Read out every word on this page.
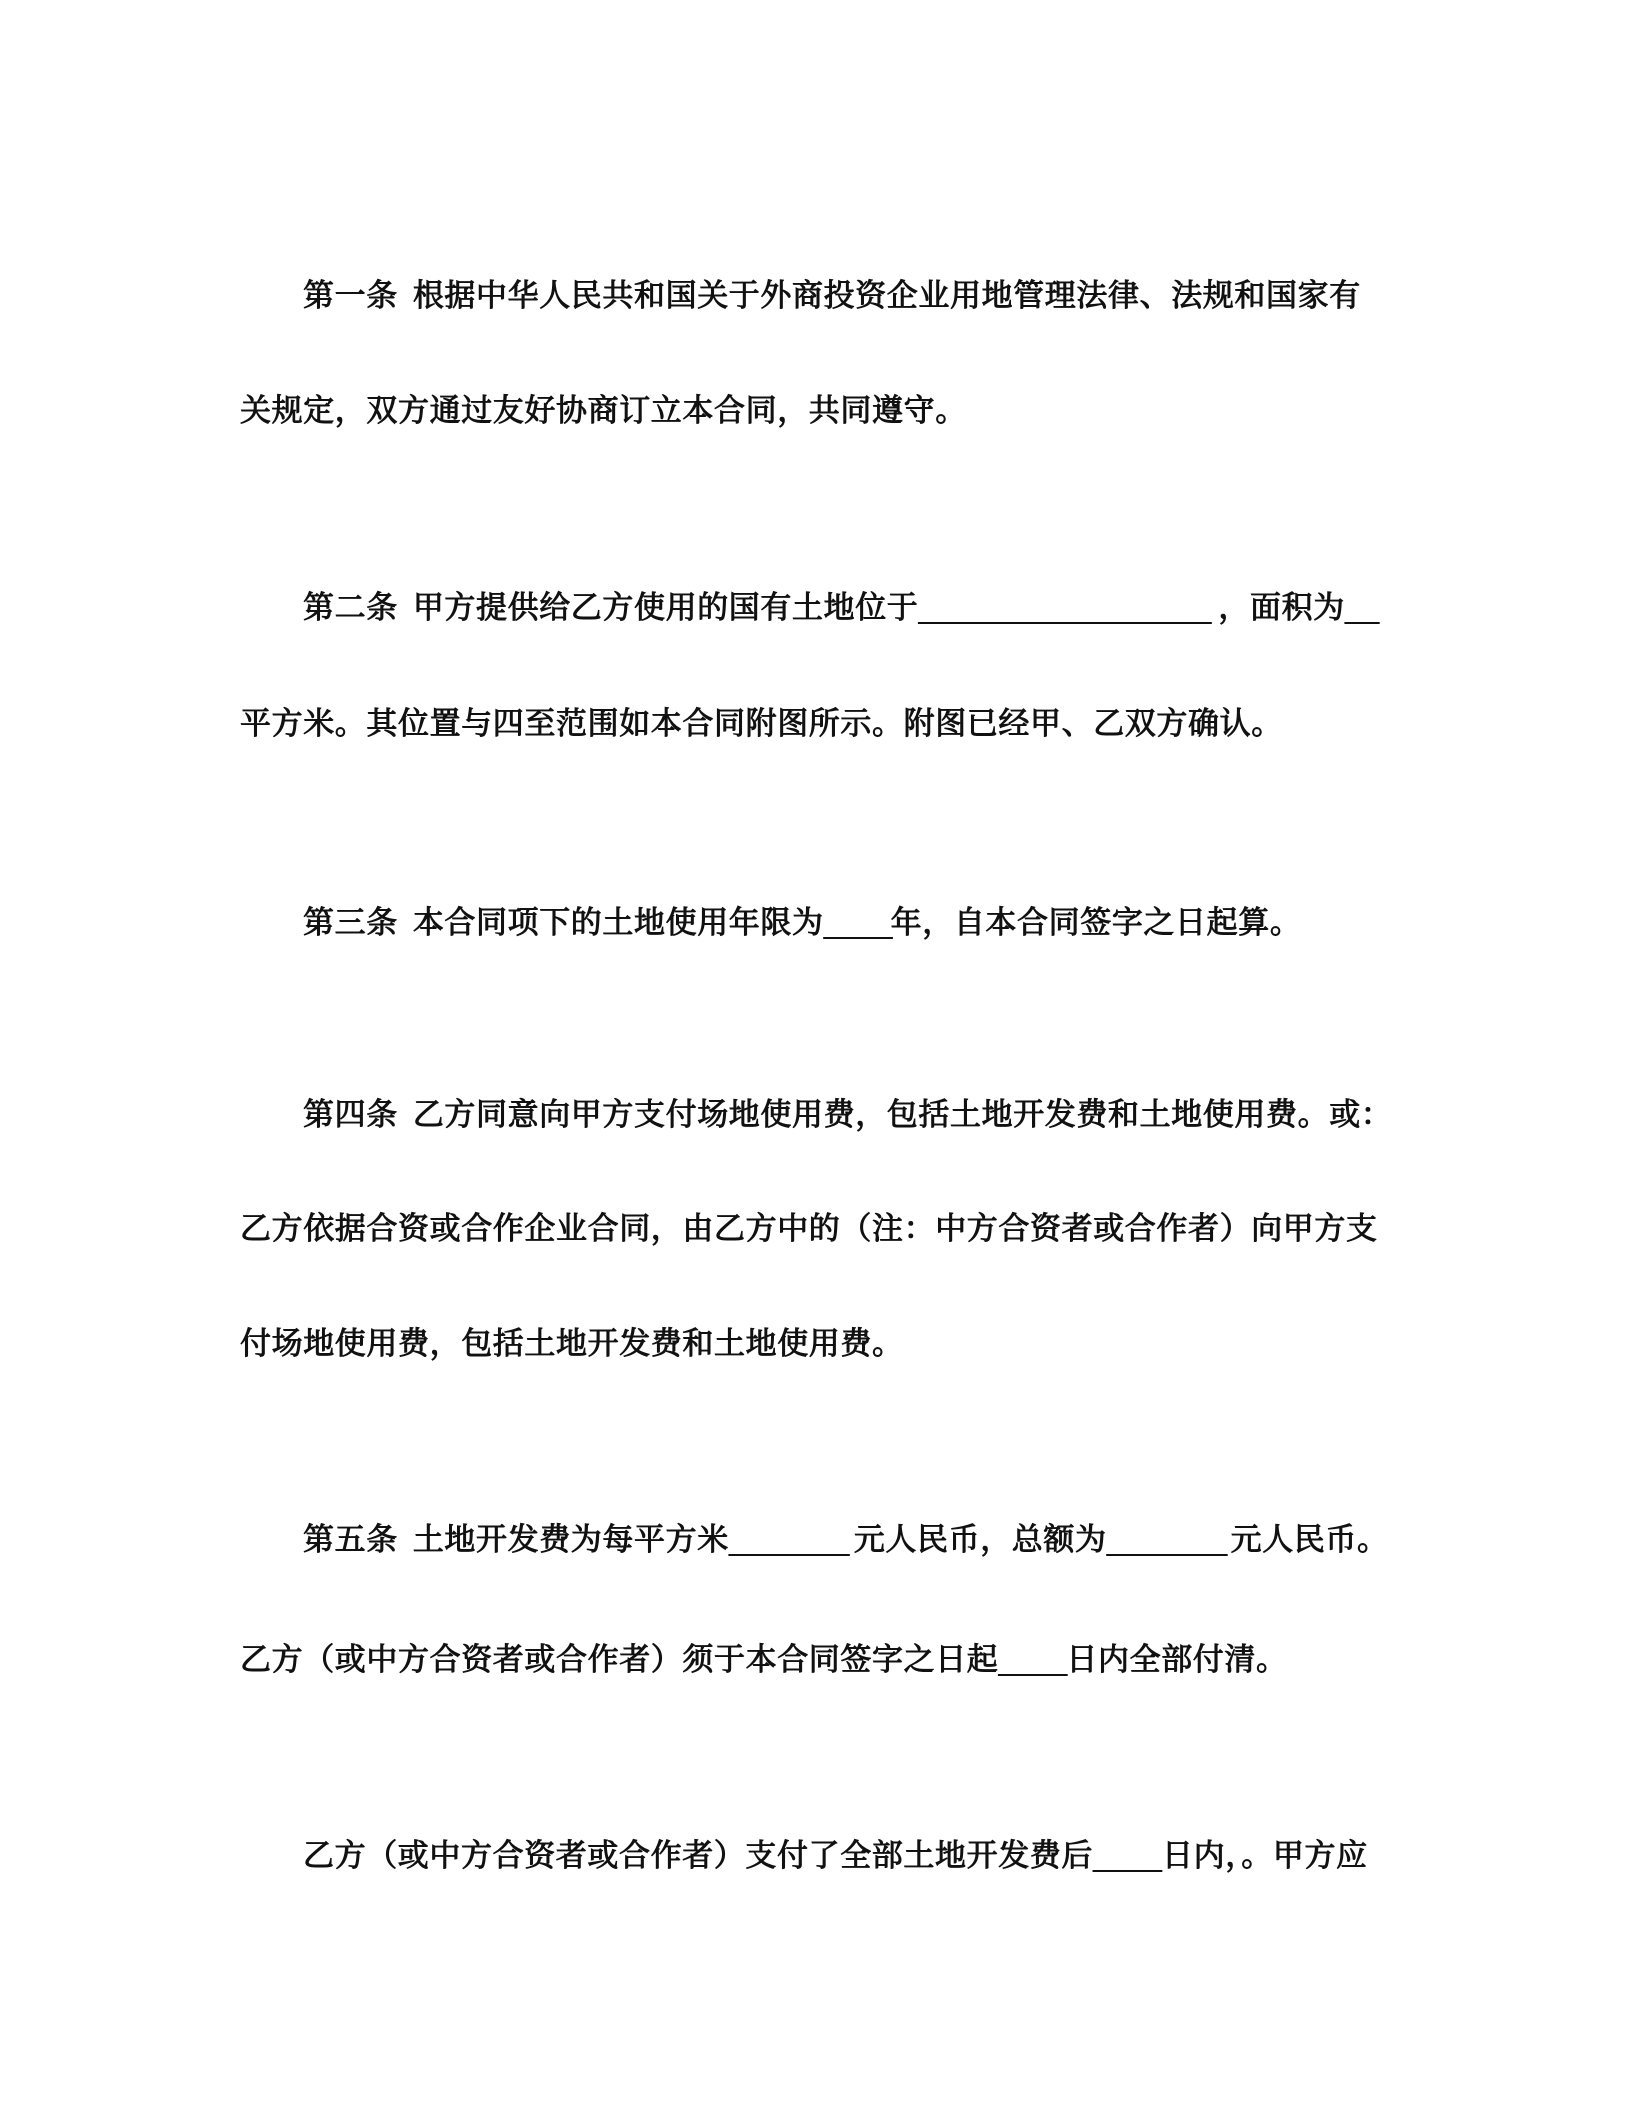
第一条 根据中华人民共和国关于外商投资企业用地管理法律、法规和国家有
关规定，双方通过友好协商订立本合同，共同遵守。
第二条 甲方提供给乙方使用的国有土地位于_________________ ，面积为__
平方米。其位置与四至范围如本合同附图所示。附图已经甲、乙双方确认。
第三条 本合同项下的土地使用年限为____年，自本合同签字之日起算。
第四条 乙方同意向甲方支付场地使用费，包括土地开发费和土地使用费。或：
乙方依据合资或合作企业合同，由乙方中的（注：中方合资者或合作者）向甲方支
付场地使用费，包括土地开发费和土地使用费。
第五条 土地开发费为每平方米_______ 元人民币，总额为_______ 元人民币。
乙方（或中方合资者或合作者）须于本合同签字之日起____日内全部付清。
乙方（或中方合资者或合作者）支付了全部土地开发费后____日内，。甲方应
